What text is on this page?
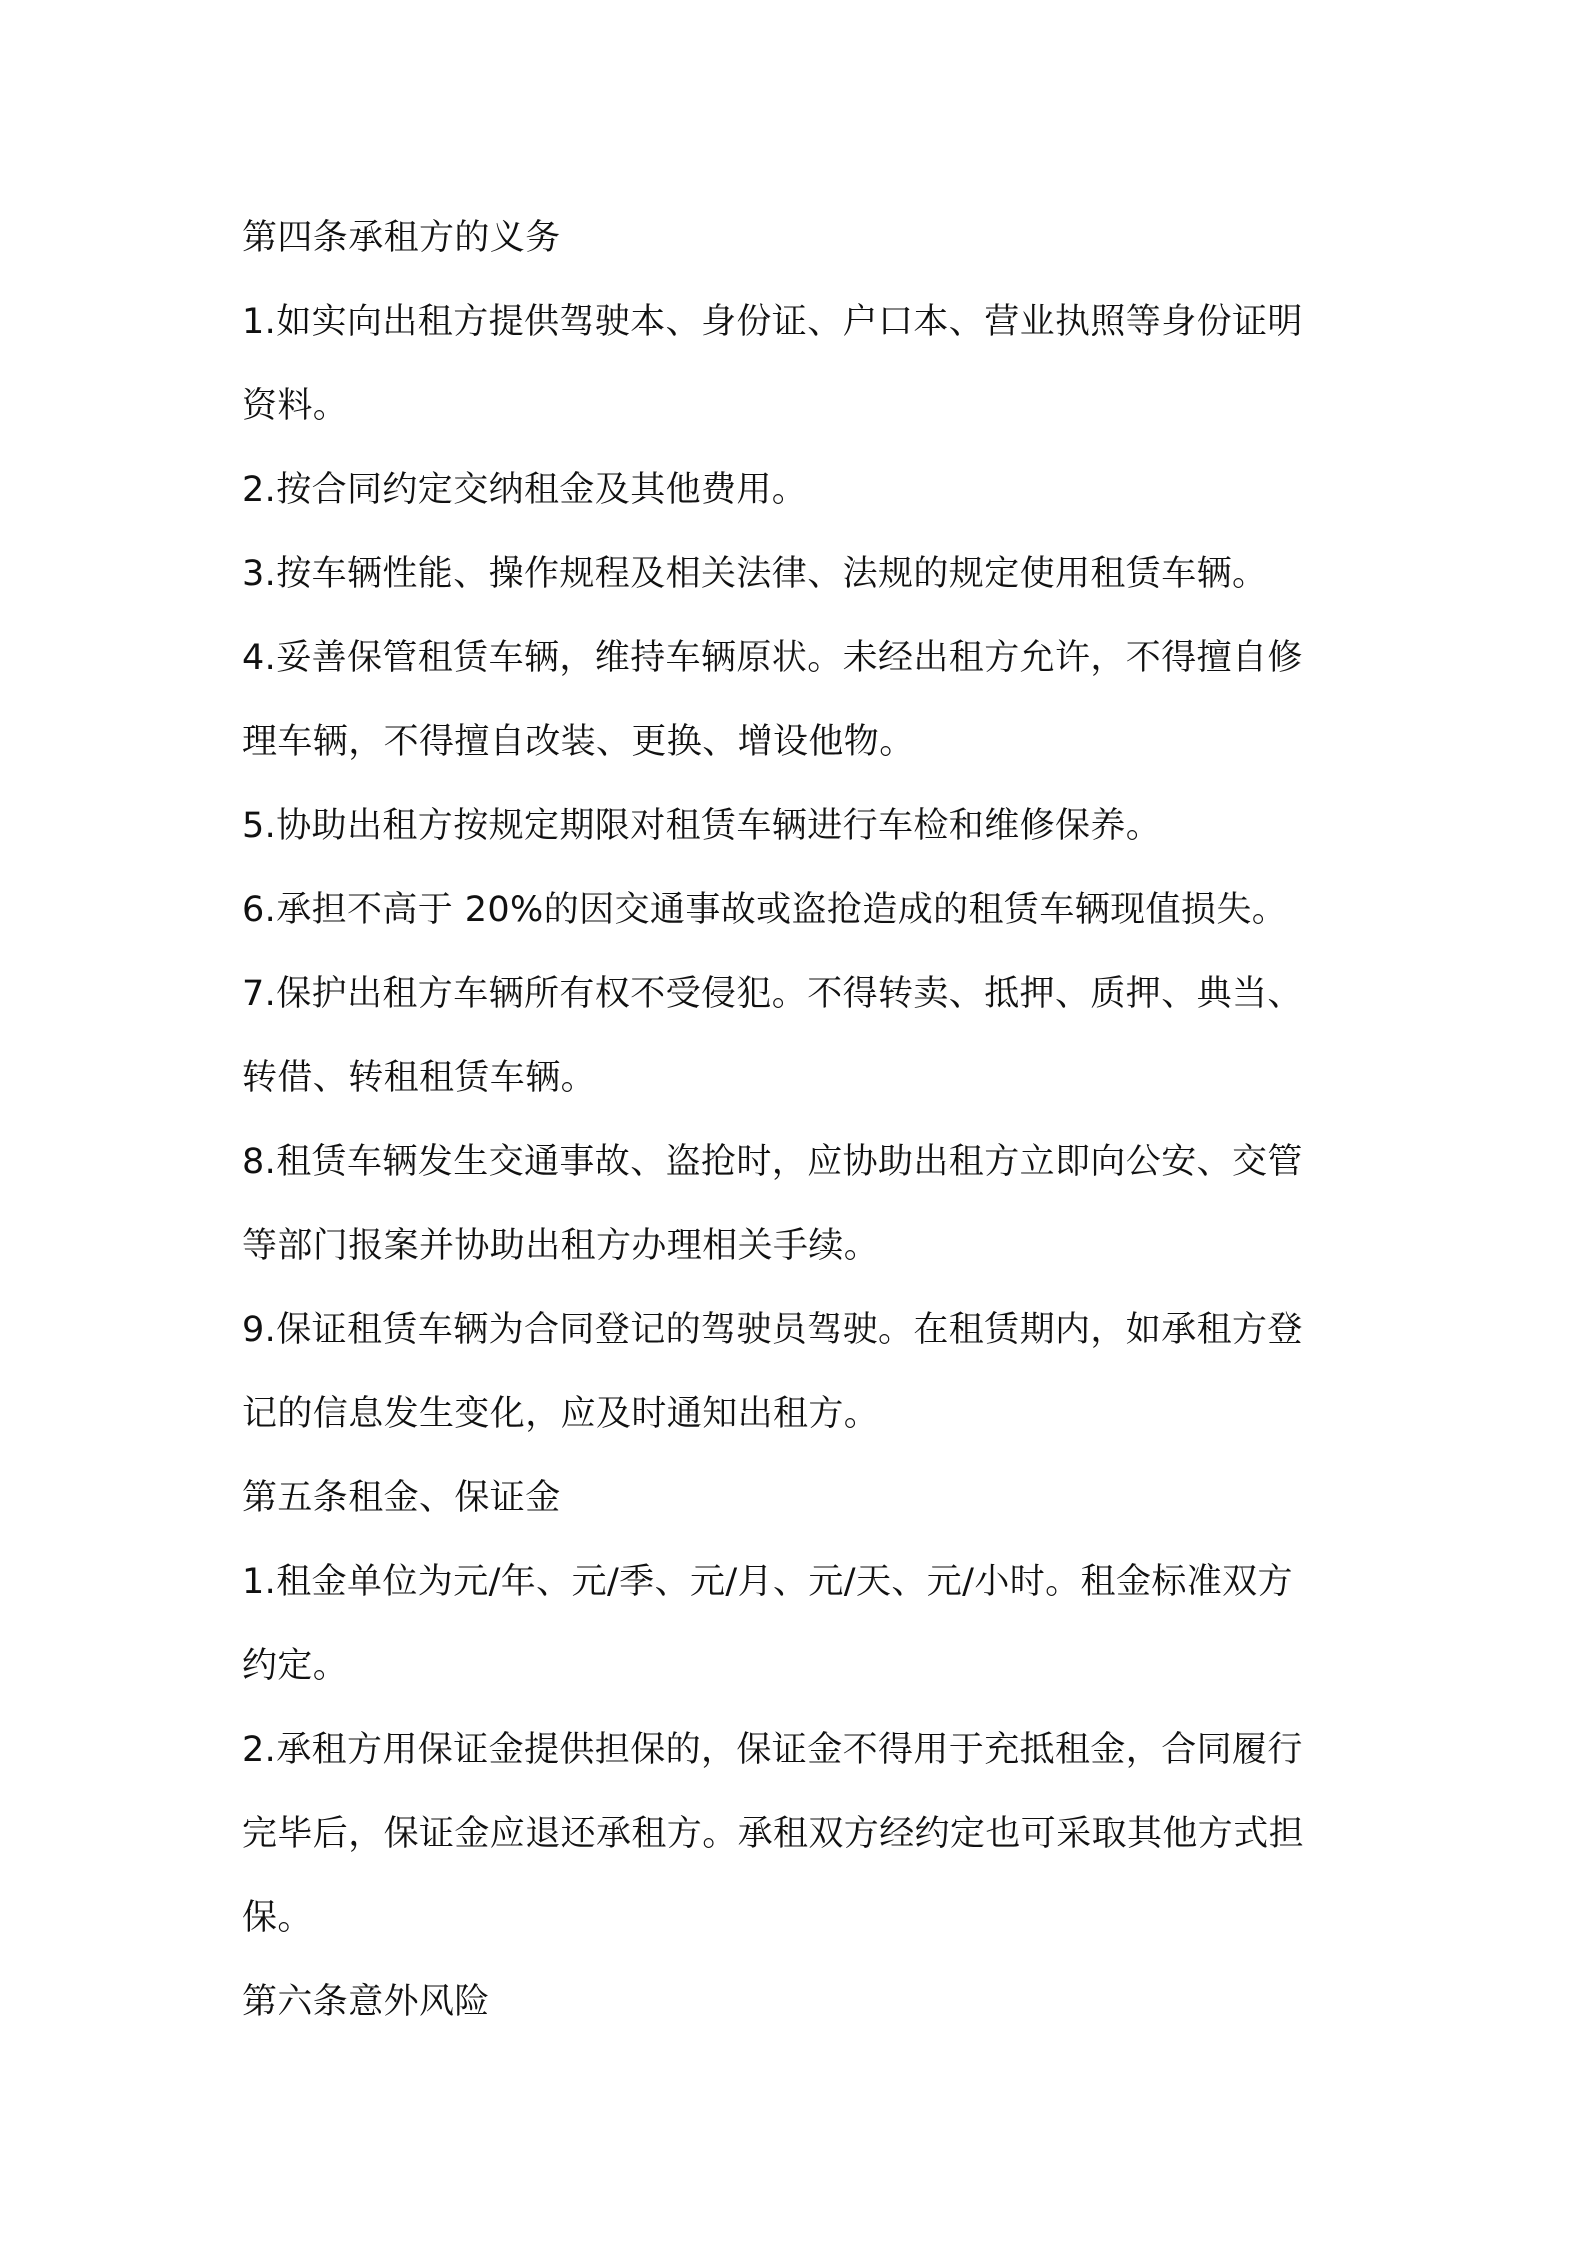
第四条承租方的义务

1.如实向出租方提供驾驶本、身份证、户口本、营业执照等身份证明
资料。

2.按合同约定交纳租金及其他费用。

3.按车辆性能、操作规程及相关法律、法规的规定使用租赁车辆。

4.妥善保管租赁车辆，维持车辆原状。未经出租方允许，不得擅自修
理车辆，不得擅自改装、更换、增设他物。

5.协助出租方按规定期限对租赁车辆进行车检和维修保养。

6.承担不高于 20%的因交通事故或盗抢造成的租赁车辆现值损失。

7.保护出租方车辆所有权不受侵犯。不得转卖、抵押、质押、典当、
转借、转租租赁车辆。

8.租赁车辆发生交通事故、盗抢时，应协助出租方立即向公安、交管
等部门报案并协助出租方办理相关手续。

9.保证租赁车辆为合同登记的驾驶员驾驶。在租赁期内，如承租方登
记的信息发生变化，应及时通知出租方。

第五条租金、保证金

1.租金单位为元/年、元/季、元/月、元/天、元/小时。租金标准双方
约定。

2.承租方用保证金提供担保的，保证金不得用于充抵租金，合同履行
完毕后，保证金应退还承租方。承租双方经约定也可采取其他方式担
保。

第六条意外风险
